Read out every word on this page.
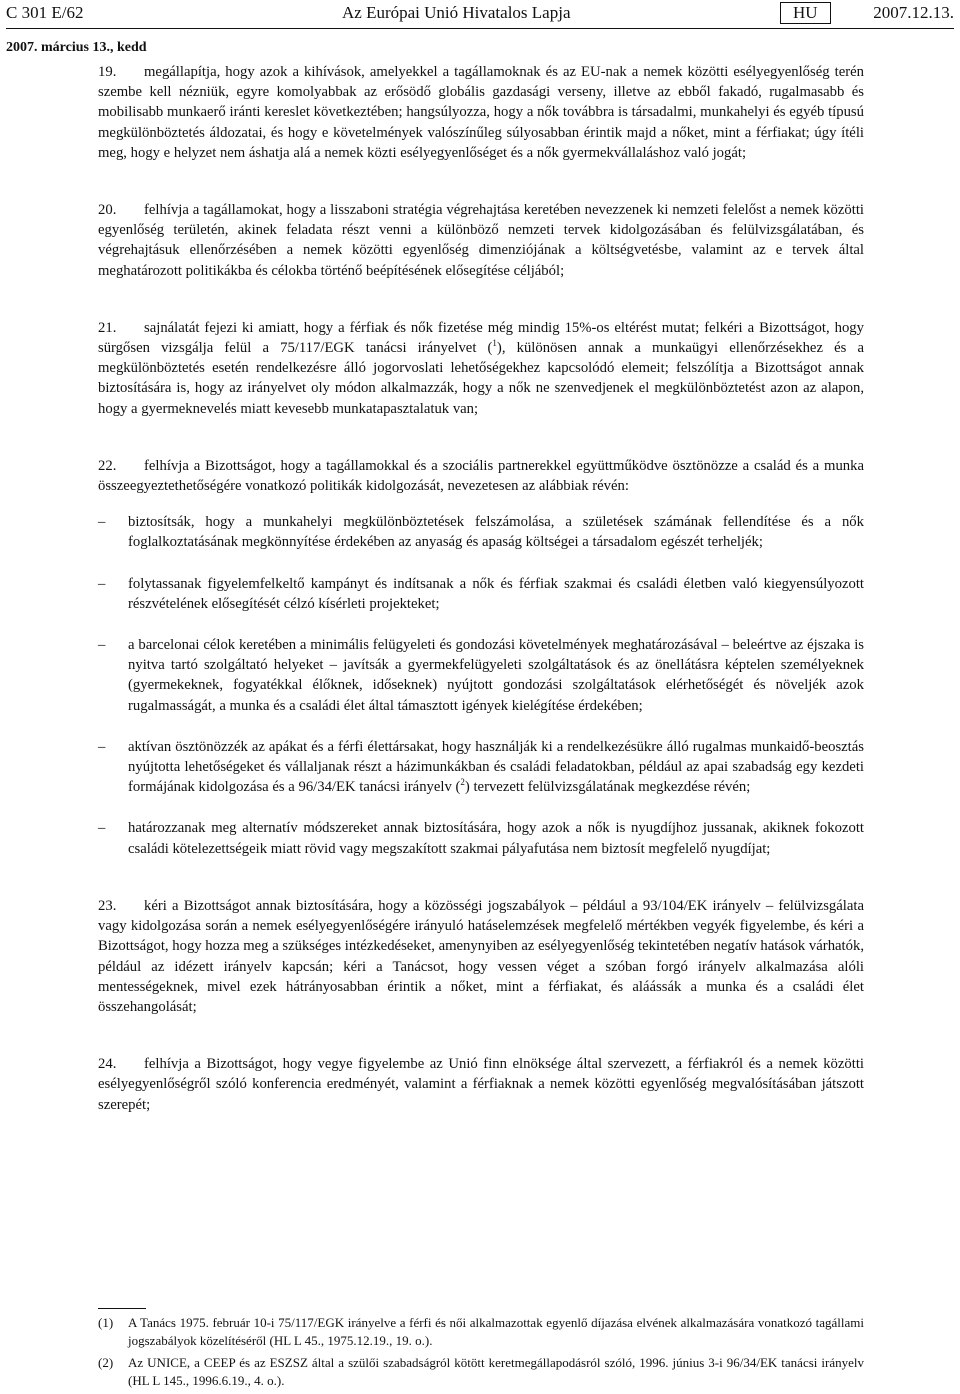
C 301 E/62	Az Európai Unió Hivatalos Lapja	HU	2007.12.13.
2007. március 13., kedd

19. megállapítja, hogy azok a kihívások, amelyekkel a tagállamoknak és az EU-nak a nemek közötti esélyegyenlőség terén szembe kell nézniük, egyre komolyabbak az erősödő globális gazdasági verseny, illetve az ebből fakadó, rugalmasabb és mobilisabb munkaerő iránti kereslet következtében; hangsúlyozza, hogy a nők továbbra is társadalmi, munkahelyi és egyéb típusú megkülönböztetés áldozatai, és hogy e követelmények valószínűleg súlyosabban érintik majd a nőket, mint a férfiakat; úgy ítéli meg, hogy e helyzet nem áshatja alá a nemek közti esélyegyenlőséget és a nők gyermekvállaláshoz való jogát;

20. felhívja a tagállamokat, hogy a lisszaboni stratégia végrehajtása keretében nevezzenek ki nemzeti felelőst a nemek közötti egyenlőség területén, akinek feladata részt venni a különböző nemzeti tervek kidolgozásában és felülvizsgálatában, és végrehajtásuk ellenőrzésében a nemek közötti egyenlőség dimenziójának a költségvetésbe, valamint az e tervek által meghatározott politikákba és célokba történő beépítésének elősegítése céljából;

21. sajnálatát fejezi ki amiatt, hogy a férfiak és nők fizetése még mindig 15%-os eltérést mutat; felkéri a Bizottságot, hogy sürgősen vizsgálja felül a 75/117/EGK tanácsi irányelvet ($^1$), különösen annak a munkaügyi ellenőrzésekhez és a megkülönböztetés esetén rendelkezésre álló jogorvoslati lehetőségekhez kapcsolódó elemeit; felszólítja a Bizottságot annak biztosítására is, hogy az irányelvet oly módon alkalmazzák, hogy a nők ne szenvedjenek el megkülönböztetést azon az alapon, hogy a gyermeknevelés miatt kevesebb munkatapasztalatuk van;

22. felhívja a Bizottságot, hogy a tagállamokkal és a szociális partnerekkel együttműködve ösztönözze a család és a munka összeegyeztethetőségére vonatkozó politikák kidolgozását, nevezetesen az alábbiak révén:

– biztosítsák, hogy a munkahelyi megkülönböztetések felszámolása, a születések számának fellendítése és a nők foglalkoztatásának megkönnyítése érdekében az anyaság és apaság költségei a társadalom egészét terheljék;
– folytassanak figyelemfelkeltő kampányt és indítsanak a nők és férfiak szakmai és családi életben való kiegyensúlyozott részvételének elősegítését célzó kísérleti projekteket;
– a barcelonai célok keretében a minimális felügyeleti és gondozási követelmények meghatározásával – beleértve az éjszaka is nyitva tartó szolgáltató helyeket – javítsák a gyermekfelügyeleti szolgáltatások és az önellátásra képtelen személyeknek (gyermekeknek, fogyatékkal élőknek, időseknek) nyújtott gondozási szolgáltatások elérhetőségét és növeljék azok rugalmasságát, a munka és a családi élet által támasztott igények kielégítése érdekében;
– aktívan ösztönözzék az apákat és a férfi élettársakat, hogy használják ki a rendelkezésükre álló rugalmas munkaidő-beosztás nyújtotta lehetőségeket és vállaljanak részt a házimunkákban és családi feladatokban, például az apai szabadság egy kezdeti formájának kidolgozása és a 96/34/EK tanácsi irányelv ($^2$) tervezett felülvizsgálatának megkezdése révén;
– határozzanak meg alternatív módszereket annak biztosítására, hogy azok a nők is nyugdíjhoz jussanak, akiknek fokozott családi kötelezettségeik miatt rövid vagy megszakított szakmai pályafutása nem biztosít megfelelő nyugdíjat;

23. kéri a Bizottságot annak biztosítására, hogy a közösségi jogszabályok – például a 93/104/EK irányelv – felülvizsgálata vagy kidolgozása során a nemek esélyegyenlőségére irányuló hatáselemzések megfelelő mértékben vegyék figyelembe, és kéri a Bizottságot, hogy hozza meg a szükséges intézkedéseket, amenynyiben az esélyegyenlőség tekintetében negatív hatások várhatók, például az idézett irányelv kapcsán; kéri a Tanácsot, hogy vessen véget a szóban forgó irányelv alkalmazása alóli mentességeknek, mivel ezek hátrányosabban érintik a nőket, mint a férfiakat, és aláássák a munka és a családi élet összehangolását;

24. felhívja a Bizottságot, hogy vegye figyelembe az Unió finn elnöksége által szervezett, a férfiakról és a nemek közötti esélyegyenlőségről szóló konferencia eredményét, valamint a férfiaknak a nemek közötti egyenlőség megvalósításában játszott szerepét;

(1) A Tanács 1975. február 10-i 75/117/EGK irányelve a férfi és női alkalmazottak egyenlő díjazása elvének alkalmazására vonatkozó tagállami jogszabályok közelítéséről (HL L 45., 1975.12.19., 19. o.).
(2) Az UNICE, a CEEP és az ESZSZ által a szülői szabadságról kötött keretmegállapodásról szóló, 1996. június 3-i 96/34/EK tanácsi irányelv (HL L 145., 1996.6.19., 4. o.).
